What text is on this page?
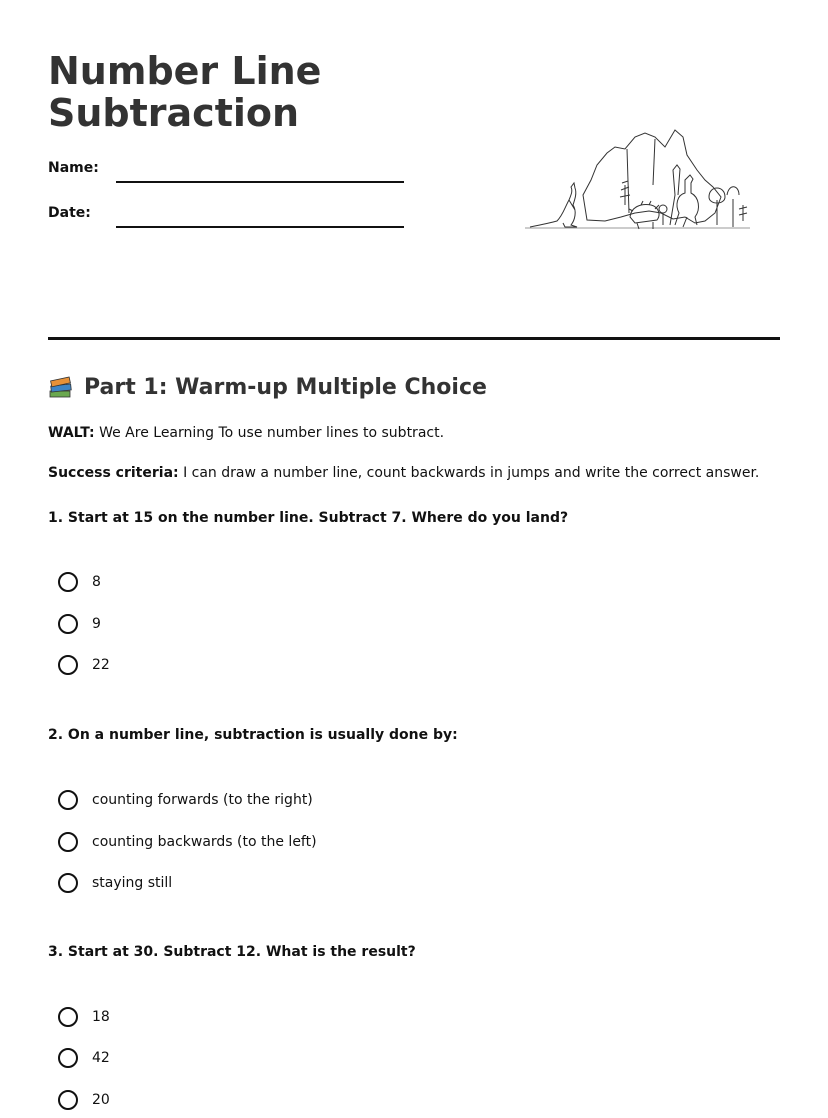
Number Line
Subtraction
Name:
Date:
Part 1: Warm-up Multiple Choice

WALT: We Are Learning To use number lines to subtract.

Success criteria: I can draw a number line, count backwards in jumps and write the correct answer.

1. Start at 15 on the number line. Subtract 7. Where do you land?

8
9
22

2. On a number line, subtraction is usually done by:

counting forwards (to the right)
counting backwards (to the left)
staying still

3. Start at 30. Subtract 12. What is the result?

18
42
20
